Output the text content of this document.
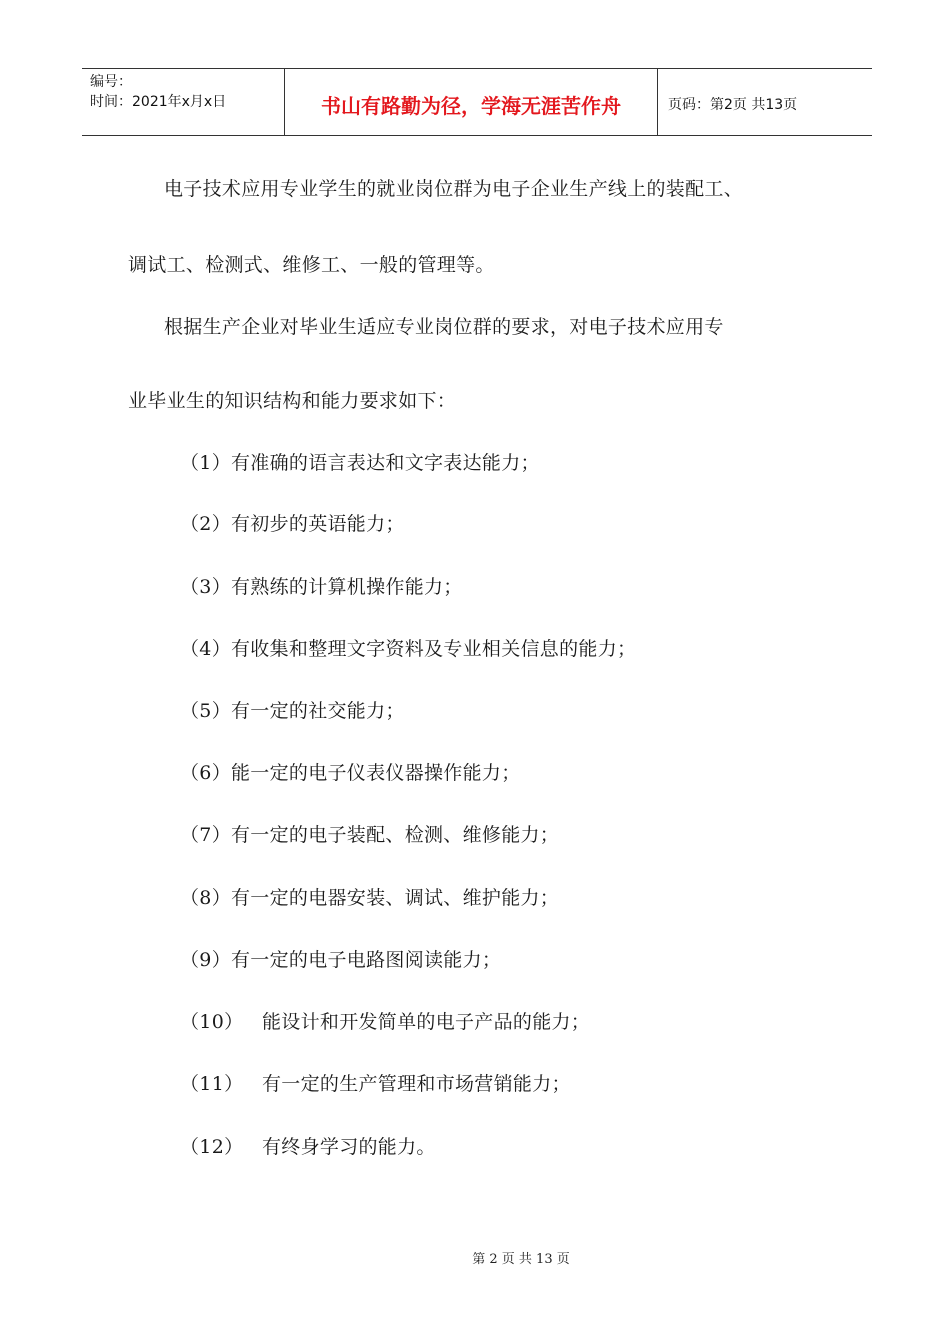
编号：
时间：2021年x月x日	书山有路勤为径，学海无涯苦作舟	页码：第2页 共13页
电子技术应用专业学生的就业岗位群为电子企业生产线上的装配工、
调试工、检测式、维修工、一般的管理等。
根据生产企业对毕业生适应专业岗位群的要求，对电子技术应用专
业毕业生的知识结构和能力要求如下：
（1）有准确的语言表达和文字表达能力；
（2）有初步的英语能力；
（3）有熟练的计算机操作能力；
（4）有收集和整理文字资料及专业相关信息的能力；
（5）有一定的社交能力；
（6）能一定的电子仪表仪器操作能力；
（7）有一定的电子装配、检测、维修能力；
（8）有一定的电器安装、调试、维护能力；
（9）有一定的电子电路图阅读能力；
（10） 能设计和开发简单的电子产品的能力；
（11） 有一定的生产管理和市场营销能力；
（12） 有终身学习的能力。
第 2 页 共 13 页
